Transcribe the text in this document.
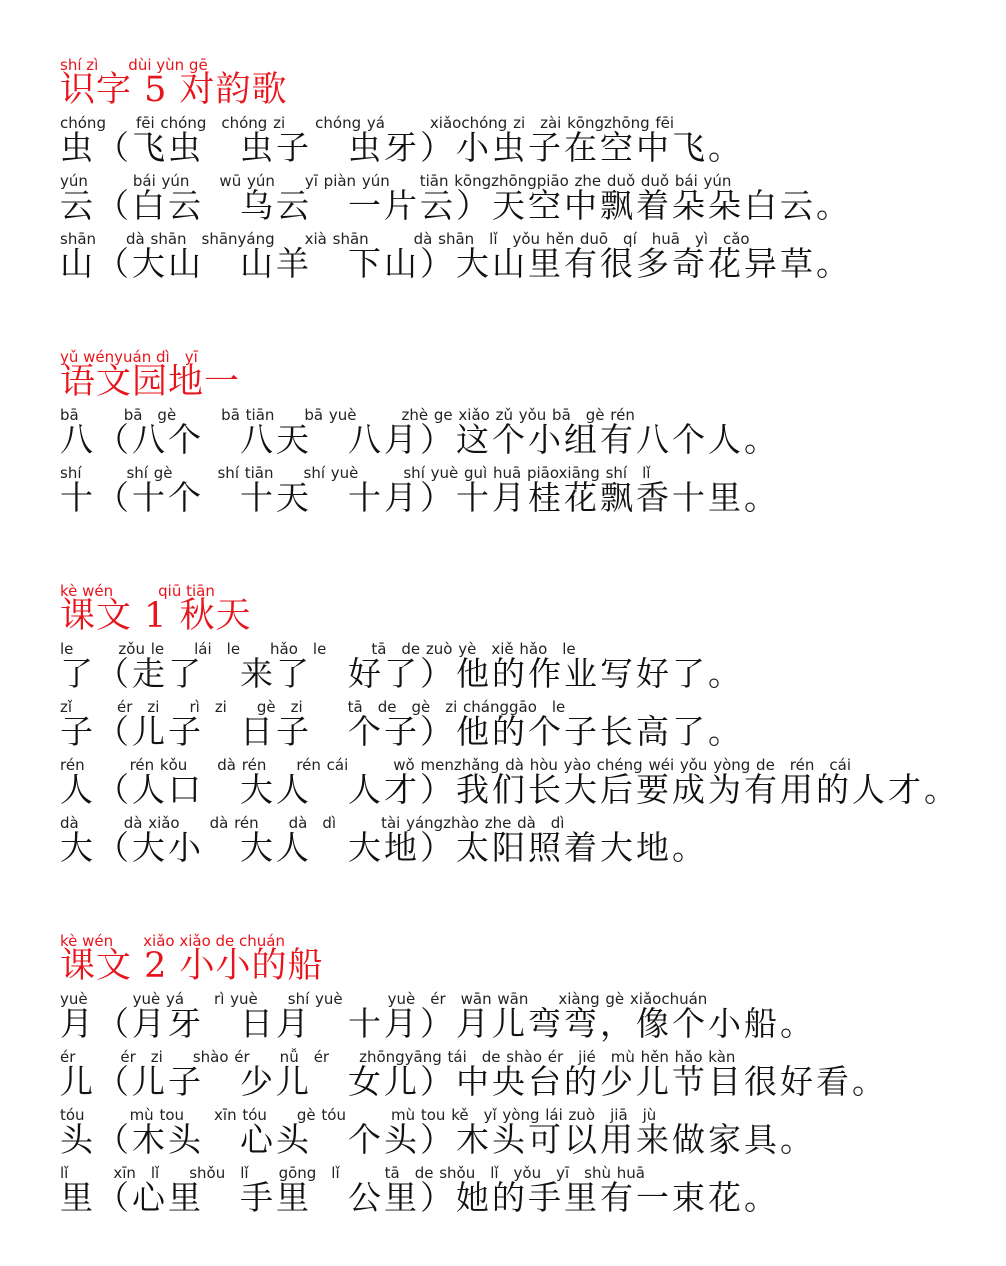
shí zì　　dùi yùn gē
识字 5 对韵歌
chóng　　fēi chóng　chóng zi　　chóng yá　　　xiǎochóng zi　zài kōngzhōng fēi
虫（飞虫　虫子　虫牙）小虫子在空中飞。
yún　　　bái yún　　wū yún　　yī piàn yún　　tiān kōngzhōngpiāo zhe duǒ duǒ bái yún
云（白云　乌云　一片云）天空中飘着朵朵白云。
shān　　dà shān　shānyáng　　xià shān　　　dà shān　lǐ　yǒu hěn duō　qí　huā　yì　cǎo
山（大山　山羊　下山）大山里有很多奇花异草。
yǔ wényuán dì　yī
语文园地一
bā　　　bā　gè　　　bā tiān　　bā yuè　　　zhè ge xiǎo zǔ yǒu bā　gè rén
八（八个　八天　八月）这个小组有八个人。
shí　　　shí gè　　　shí tiān　　shí yuè　　　shí yuè guì huā piāoxiāng shí　lǐ
十（十个　十天　十月）十月桂花飘香十里。
kè wén　　　qiū tiān
课文 1 秋天
le　　　zǒu le　　lái　le　　hǎo　le　　　tā　de zuò yè　xiě hǎo　le
了（走了　来了　好了）他的作业写好了。
zǐ　　　ér　zi　　rì　zi　　gè　zi　　　tā　de　gè　zi chánggāo　le
子（儿子　日子　个子）他的个子长高了。
rén　　　rén kǒu　　dà rén　　rén cái　　　wǒ menzhǎng dà hòu yào chéng wéi yǒu yòng de　rén　cái
人（人口　大人　人才）我们长大后要成为有用的人才。
dà　　　dà xiǎo　　dà rén　　dà　dì　　　tài yángzhào zhe dà　dì
大（大小　大人　大地）太阳照着大地。
kè wén　　xiǎo xiǎo de chuán
课文 2 小小的船
yuè　　　yuè yá　　rì yuè　　shí yuè　　　yuè　ér　wān wān　　xiàng gè xiǎochuán
月（月牙　日月　十月）月儿弯弯，像个小船。
ér　　　ér　zi　　shào ér　　nǚ　ér　　zhōngyāng tái　de shào ér　jié　mù hěn hǎo kàn
儿（儿子　少儿　女儿）中央台的少儿节目很好看。
tóu　　　mù tou　　xīn tóu　　gè tóu　　　mù tou kě　yǐ yòng lái zuò　jiā　jù
头（木头　心头　个头）木头可以用来做家具。
lǐ　　　xīn　lǐ　　shǒu　lǐ　　gōng　lǐ　　　tā　de shǒu　lǐ　yǒu　yī　shù huā
里（心里　手里　公里）她的手里有一束花。
